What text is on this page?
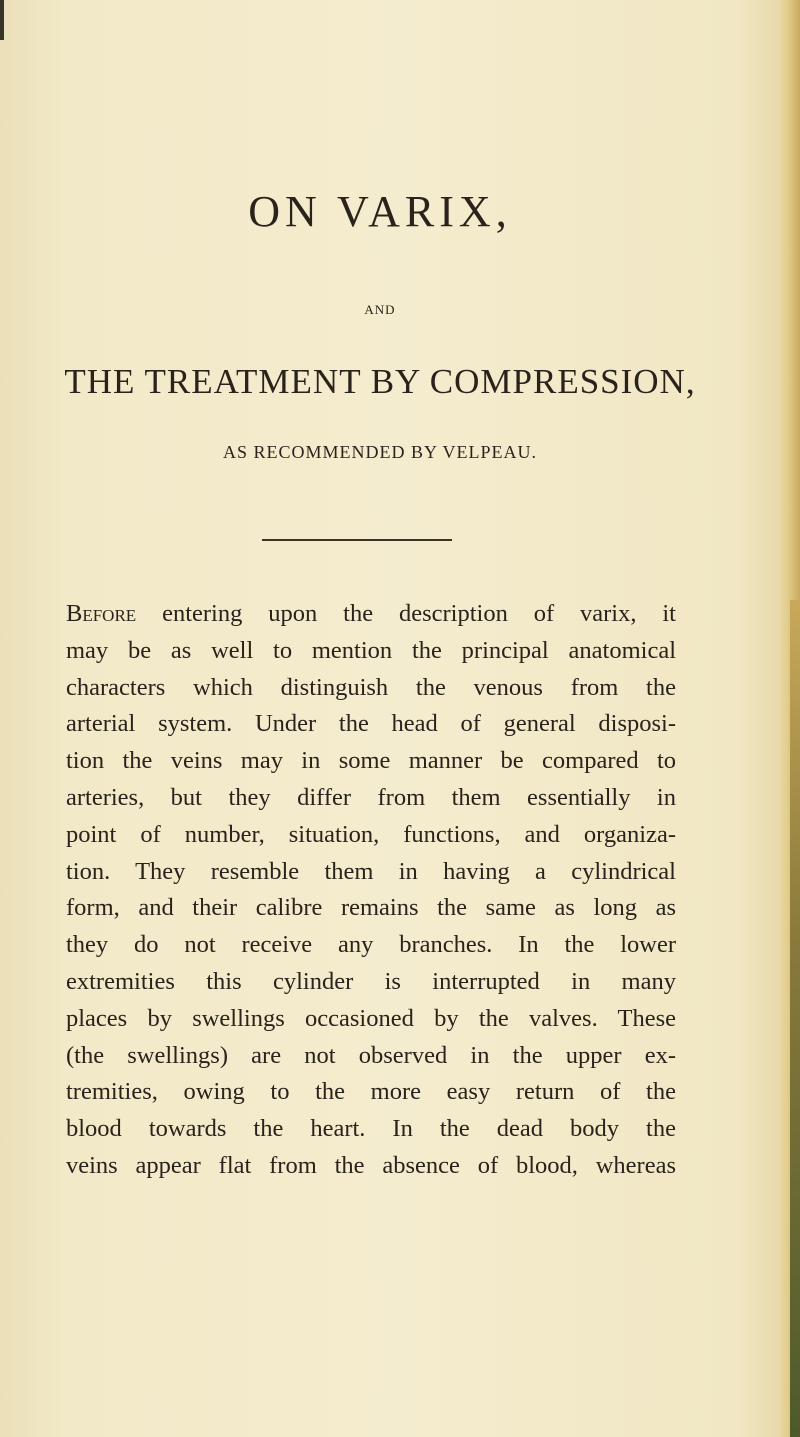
ON VARIX,
AND
THE TREATMENT BY COMPRESSION,
AS RECOMMENDED BY VELPEAU.
Before entering upon the description of varix, it
may be as well to mention the principal anatomical
characters which distinguish the venous from the
arterial system. Under the head of general disposi-
tion the veins may in some manner be compared to
arteries, but they differ from them essentially in
point of number, situation, functions, and organiza-
tion. They resemble them in having a cylindrical
form, and their calibre remains the same as long as
they do not receive any branches. In the lower
extremities this cylinder is interrupted in many
places by swellings occasioned by the valves. These
(the swellings) are not observed in the upper ex-
tremities, owing to the more easy return of the
blood towards the heart. In the dead body the
veins appear flat from the absence of blood, whereas
